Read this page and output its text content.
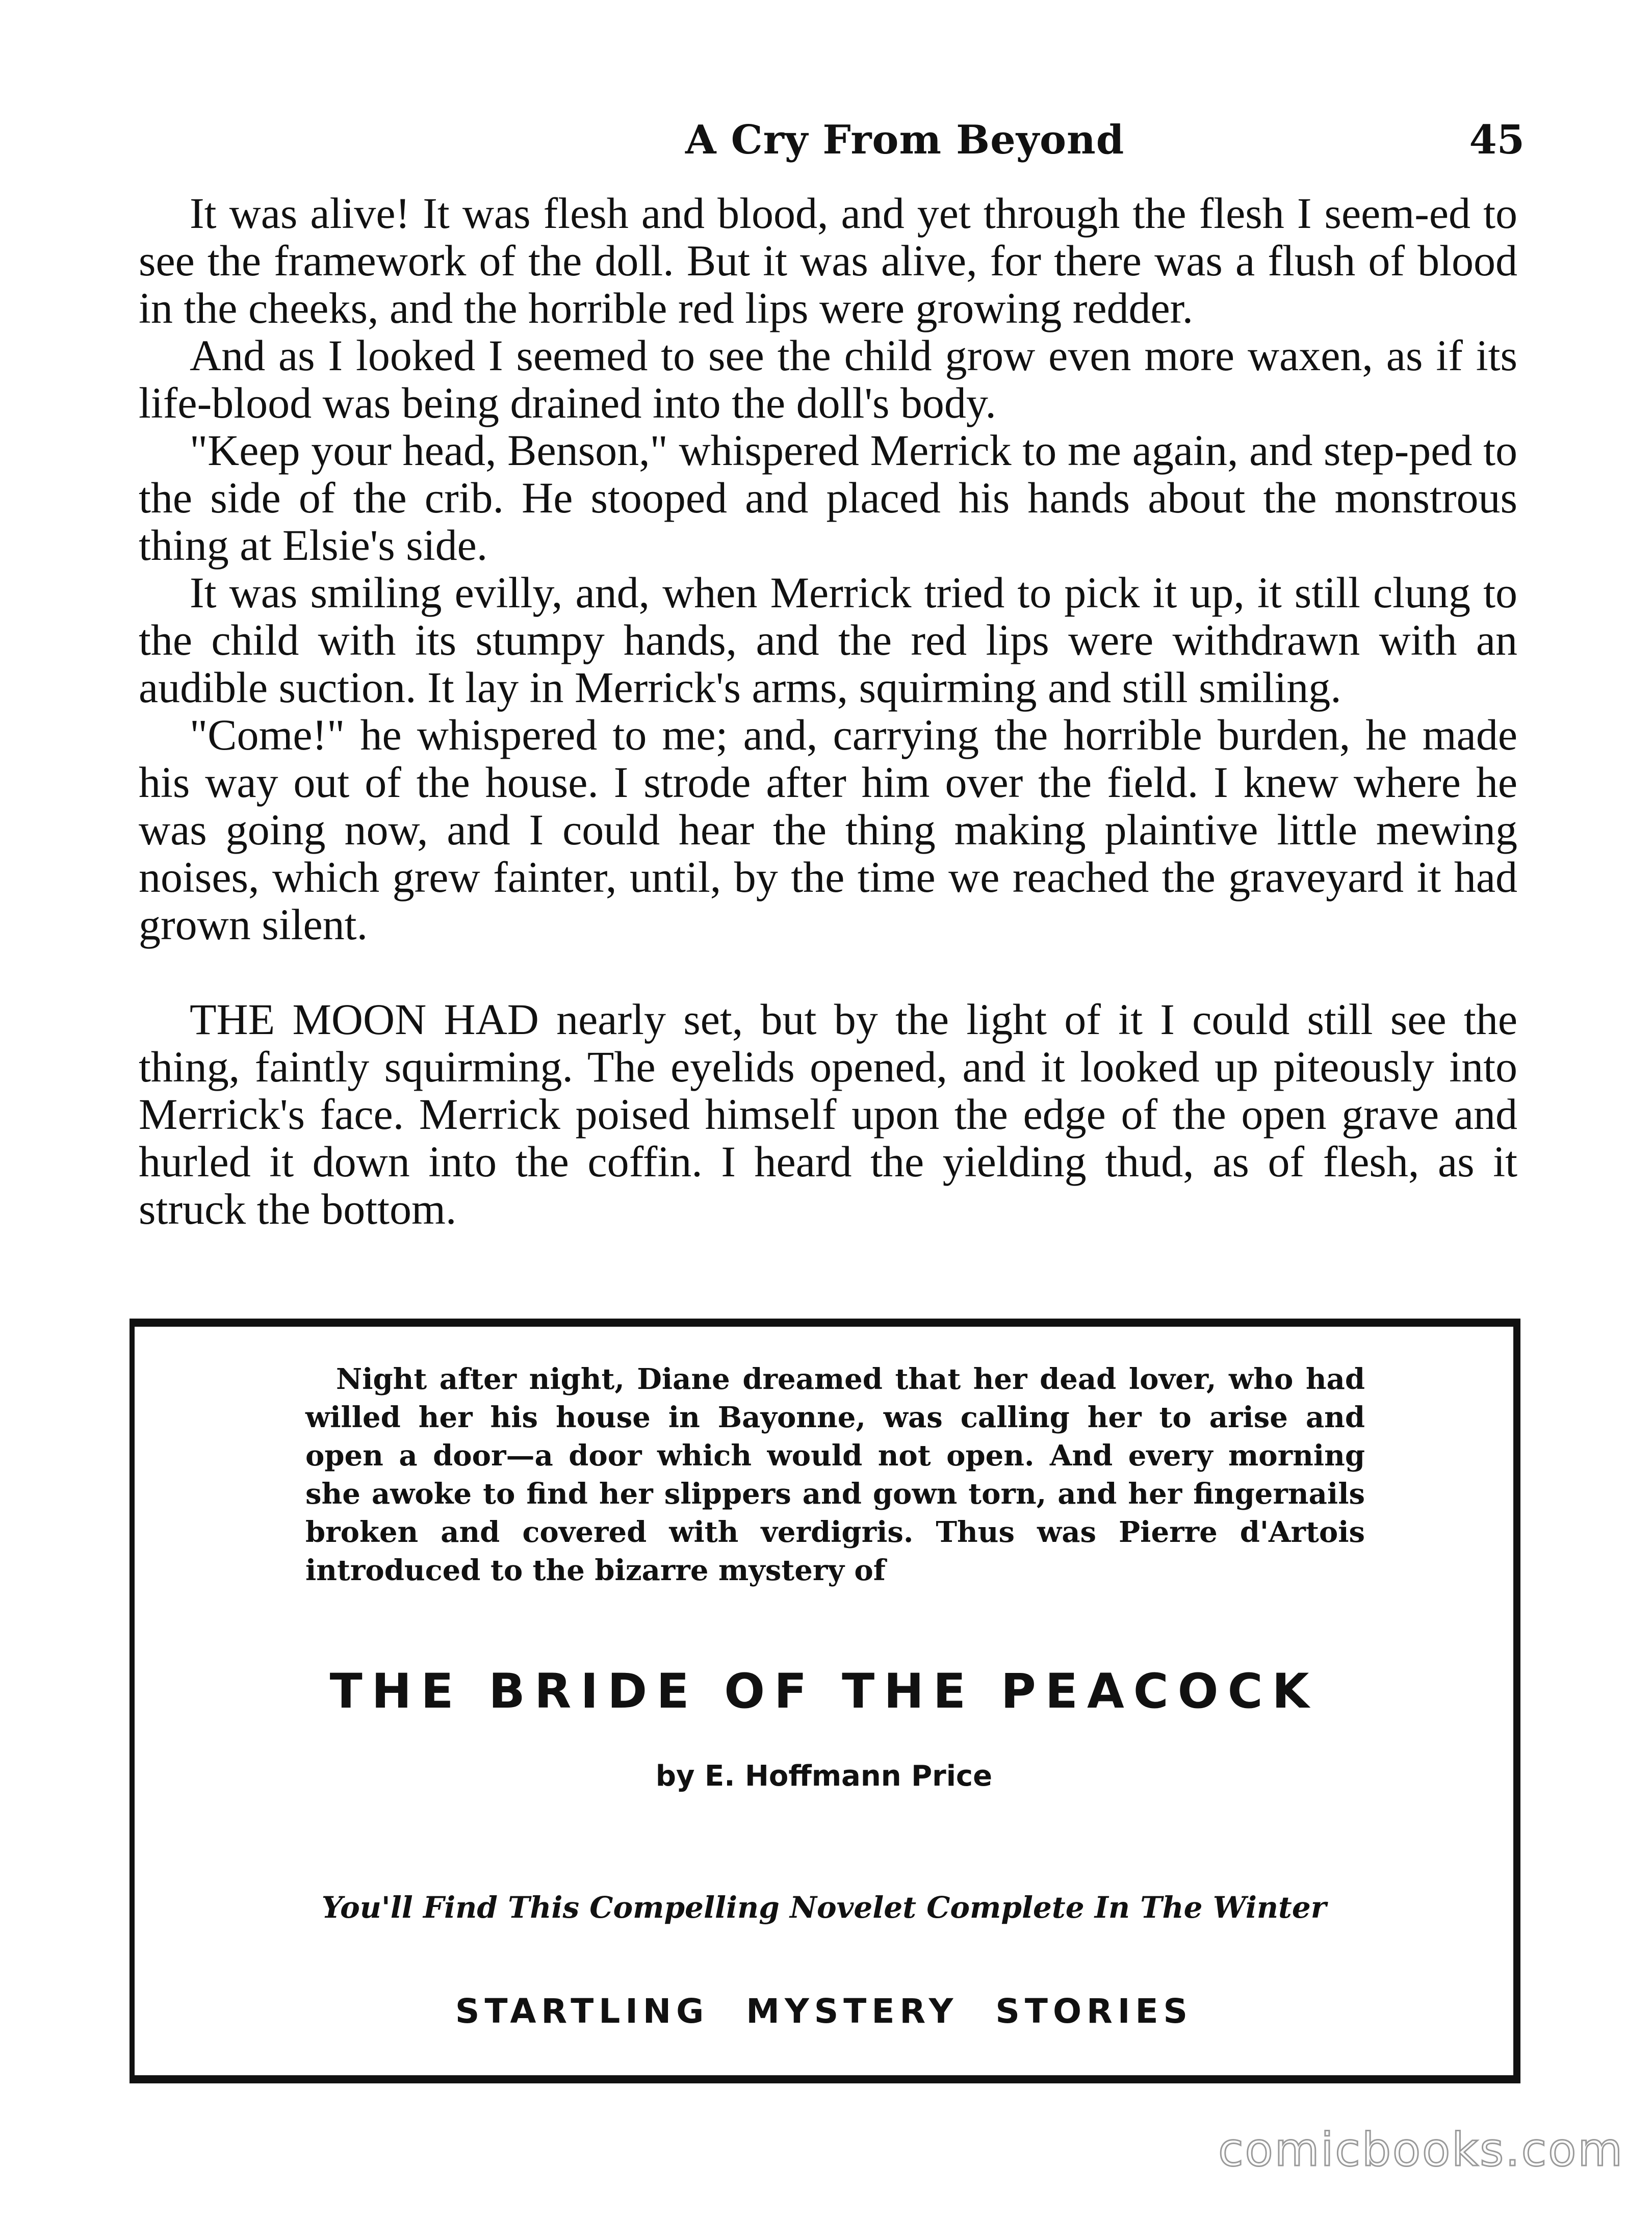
A Cry From Beyond	45

It was alive! It was flesh and blood, and yet through the flesh I seem-ed to see the framework of the doll. But it was alive, for there was a flush of blood in the cheeks, and the horrible red lips were growing redder.

And as I looked I seemed to see the child grow even more waxen, as if its life-blood was being drained into the doll's body.

"Keep your head, Benson," whispered Merrick to me again, and step-ped to the side of the crib. He stooped and placed his hands about the monstrous thing at Elsie's side.

It was smiling evilly, and, when Merrick tried to pick it up, it still clung to the child with its stumpy hands, and the red lips were withdrawn with an audible suction. It lay in Merrick's arms, squirming and still smiling.

"Come!" he whispered to me; and, carrying the horrible burden, he made his way out of the house. I strode after him over the field. I knew where he was going now, and I could hear the thing making plaintive little mewing noises, which grew fainter, until, by the time we reached the graveyard it had grown silent.

THE MOON HAD nearly set, but by the light of it I could still see the thing, faintly squirming. The eyelids opened, and it looked up piteously into Merrick's face. Merrick poised himself upon the edge of the open grave and hurled it down into the coffin. I heard the yielding thud, as of flesh, as it struck the bottom.

Night after night, Diane dreamed that her dead lover, who had willed her his house in Bayonne, was calling her to arise and open a door—a door which would not open. And every morning she awoke to find her slippers and gown torn, and her fingernails broken and covered with verdigris. Thus was Pierre d'Artois introduced to the bizarre mystery of

THE BRIDE OF THE PEACOCK
by E. Hoffmann Price
You'll Find This Compelling Novelet Complete In The Winter
STARTLING MYSTERY STORIES
comicbooks.com
